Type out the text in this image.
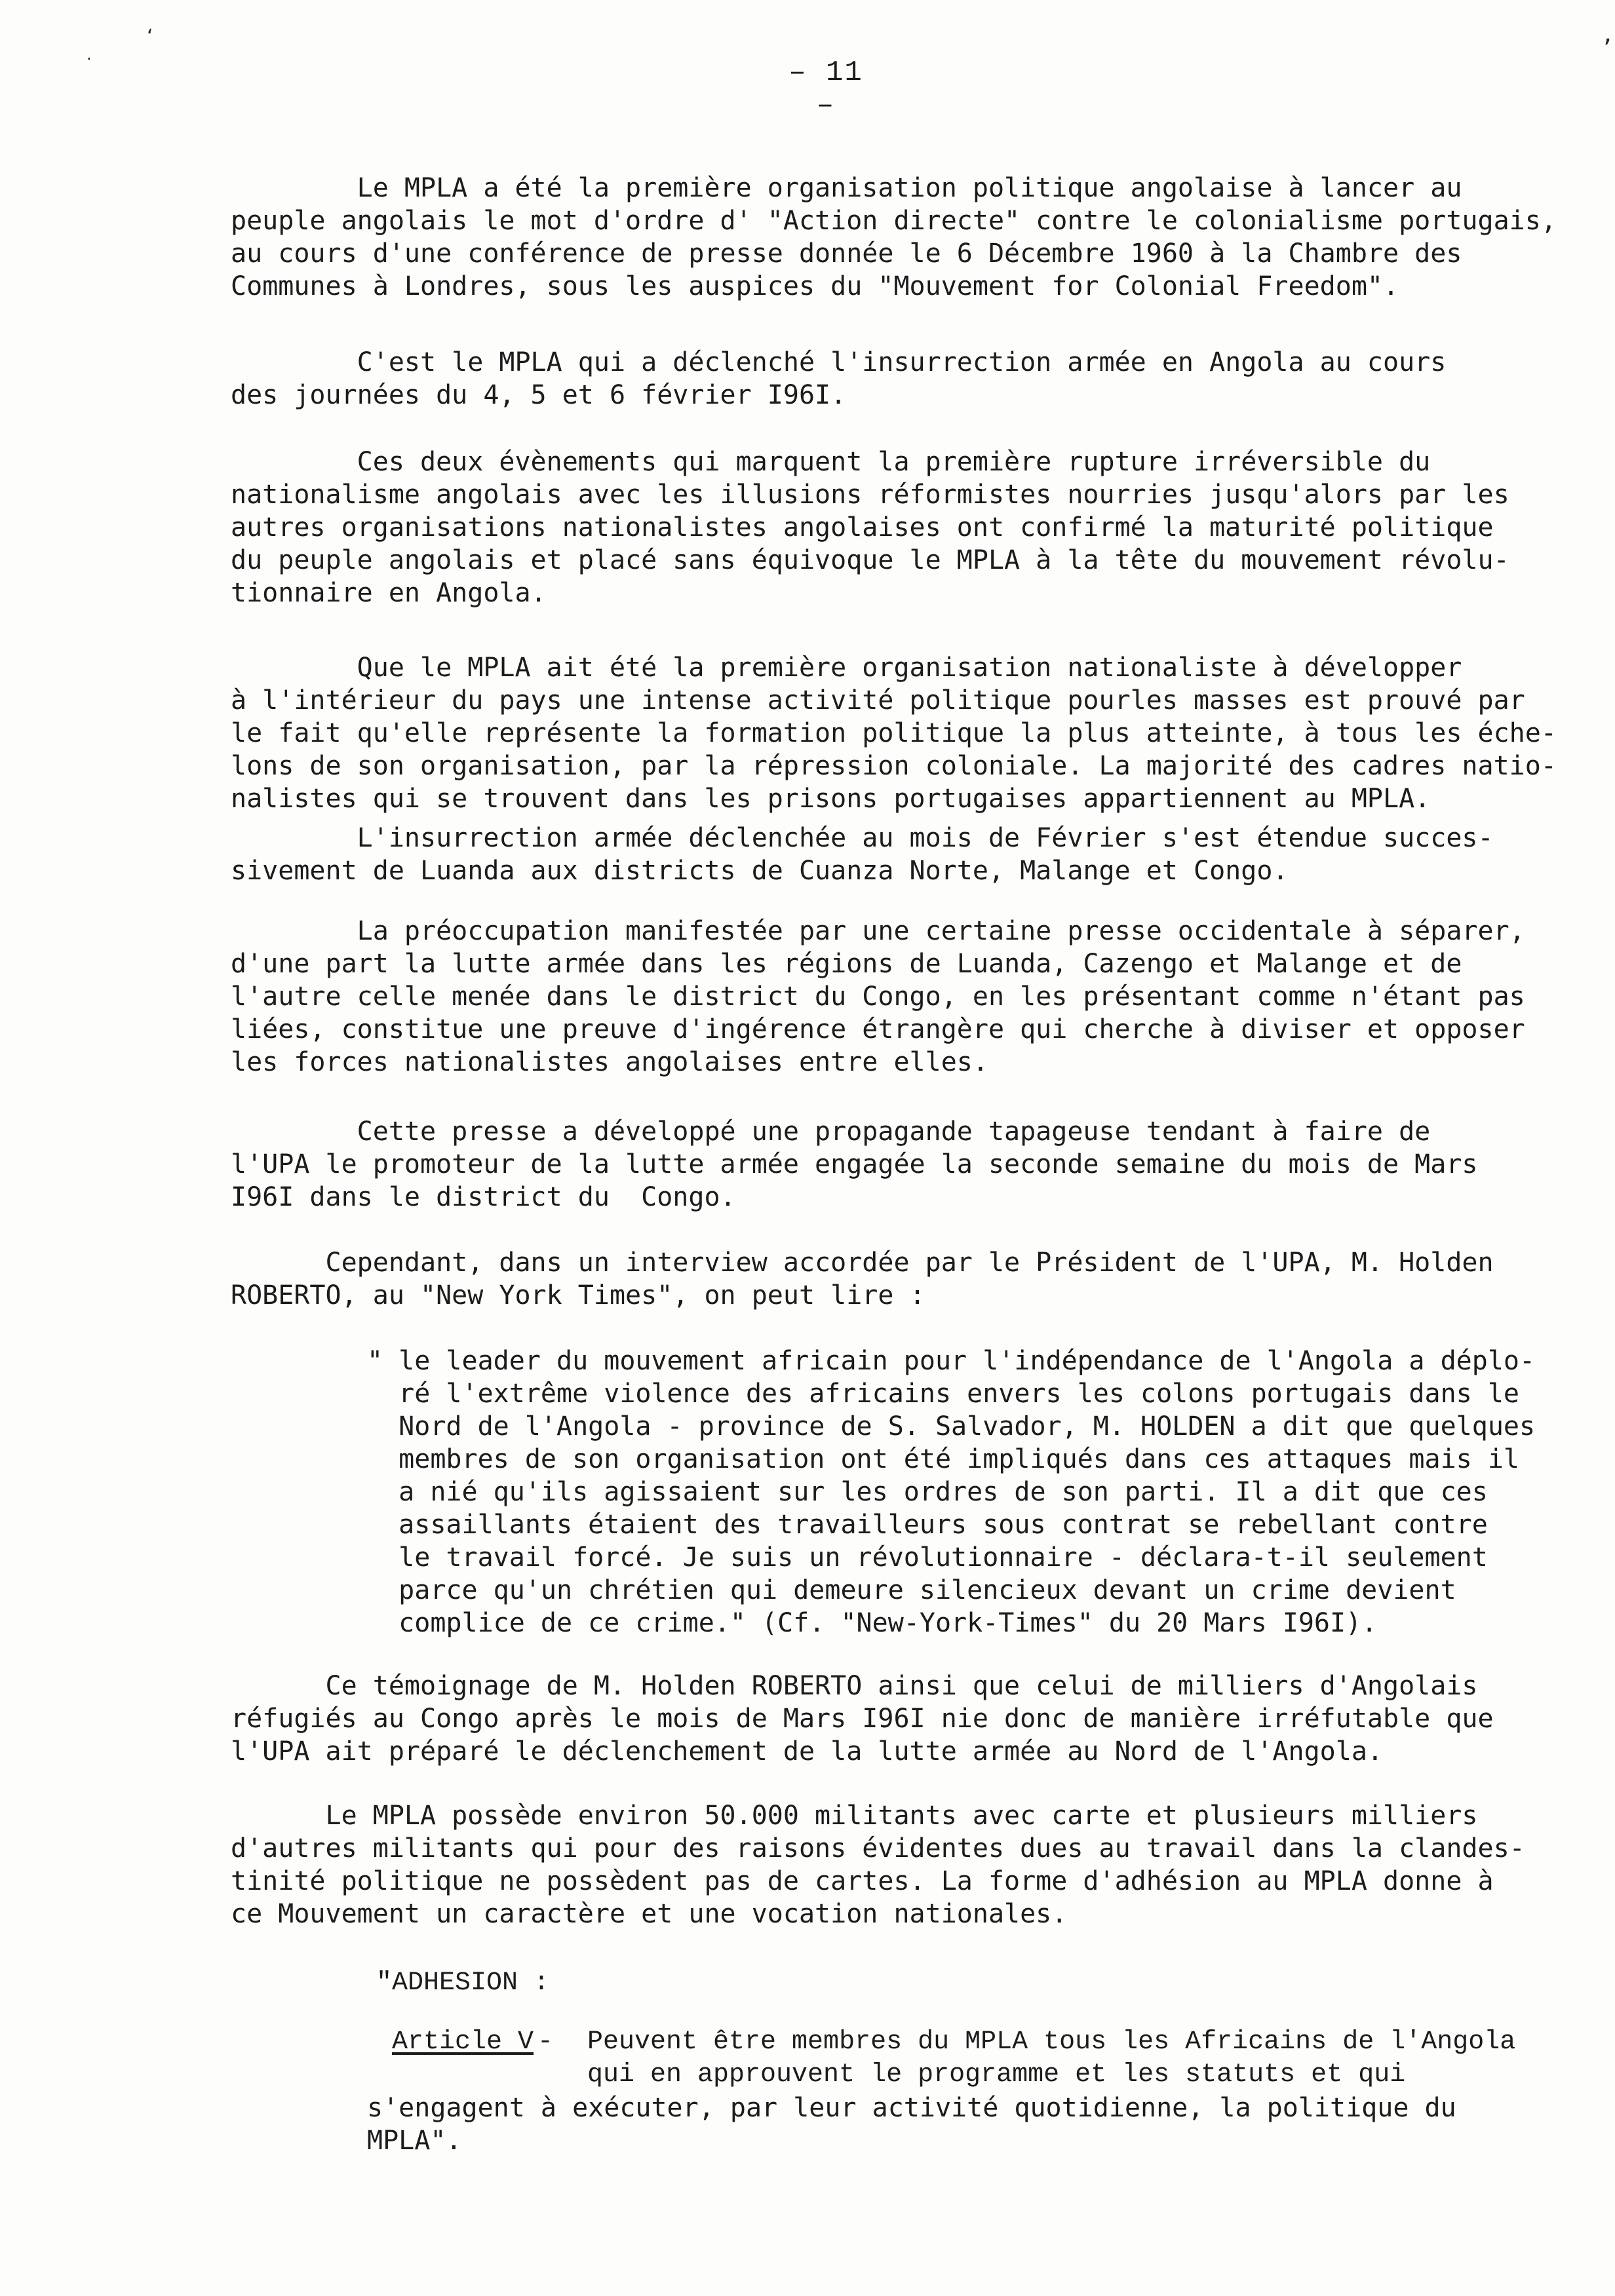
‘
.	’
– 11 –
Le MPLA a été la première organisation politique angolaise à lancer au
peuple angolais le mot d'ordre d' "Action directe" contre le colonialisme portugais,
au cours d'une conférence de presse donnée le 6 Décembre 1960 à la Chambre des
Communes à Londres, sous les auspices du "Mouvement for Colonial Freedom".
C'est le MPLA qui a déclenché l'insurrection armée en Angola au cours
des journées du 4, 5 et 6 février I96I.
Ces deux évènements qui marquent la première rupture irréversible du
nationalisme angolais avec les illusions réformistes nourries jusqu'alors par les
autres organisations nationalistes angolaises ont confirmé la maturité politique
du peuple angolais et placé sans équivoque le MPLA à la tête du mouvement révolu-
tionnaire en Angola.
Que le MPLA ait été la première organisation nationaliste à développer
à l'intérieur du pays une intense activité politique pourles masses est prouvé par
le fait qu'elle représente la formation politique la plus atteinte, à tous les éche-
lons de son organisation, par la répression coloniale. La majorité des cadres natio-
nalistes qui se trouvent dans les prisons portugaises appartiennent au MPLA.
L'insurrection armée déclenchée au mois de Février s'est étendue succes-
sivement de Luanda aux districts de Cuanza Norte, Malange et Congo.
La préoccupation manifestée par une certaine presse occidentale à séparer,
d'une part la lutte armée dans les régions de Luanda, Cazengo et Malange et de
l'autre celle menée dans le district du Congo, en les présentant comme n'étant pas
liées, constitue une preuve d'ingérence étrangère qui cherche à diviser et opposer
les forces nationalistes angolaises entre elles.
Cette presse a développé une propagande tapageuse tendant à faire de
l'UPA le promoteur de la lutte armée engagée la seconde semaine du mois de Mars
I96I dans le district du  Congo.
Cependant, dans un interview accordée par le Président de l'UPA, M. Holden
ROBERTO, au "New York Times", on peut lire :
" le leader du mouvement africain pour l'indépendance de l'Angola a déplo-
ré l'extrême violence des africains envers les colons portugais dans le
Nord de l'Angola - province de S. Salvador, M. HOLDEN a dit que quelques
membres de son organisation ont été impliqués dans ces attaques mais il
a nié qu'ils agissaient sur les ordres de son parti. Il a dit que ces
assaillants étaient des travailleurs sous contrat se rebellant contre
le travail forcé. Je suis un révolutionnaire - déclara-t-il seulement
parce qu'un chrétien qui demeure silencieux devant un crime devient
complice de ce crime." (Cf. "New-York-Times" du 20 Mars I96I).
Ce témoignage de M. Holden ROBERTO ainsi que celui de milliers d'Angolais
réfugiés au Congo après le mois de Mars I96I nie donc de manière irréfutable que
l'UPA ait préparé le déclenchement de la lutte armée au Nord de l'Angola.
Le MPLA possède environ 50.000 militants avec carte et plusieurs milliers
d'autres militants qui pour des raisons évidentes dues au travail dans la clandes-
tinité politique ne possèdent pas de cartes. La forme d'adhésion au MPLA donne à
ce Mouvement un caractère et une vocation nationales.
"ADHESION :
Article V - Peuvent être membres du MPLA tous les Africains de l'Angola
qui en approuvent le programme et les statuts et qui
s'engagent à exécuter, par leur activité quotidienne, la politique du
MPLA".
